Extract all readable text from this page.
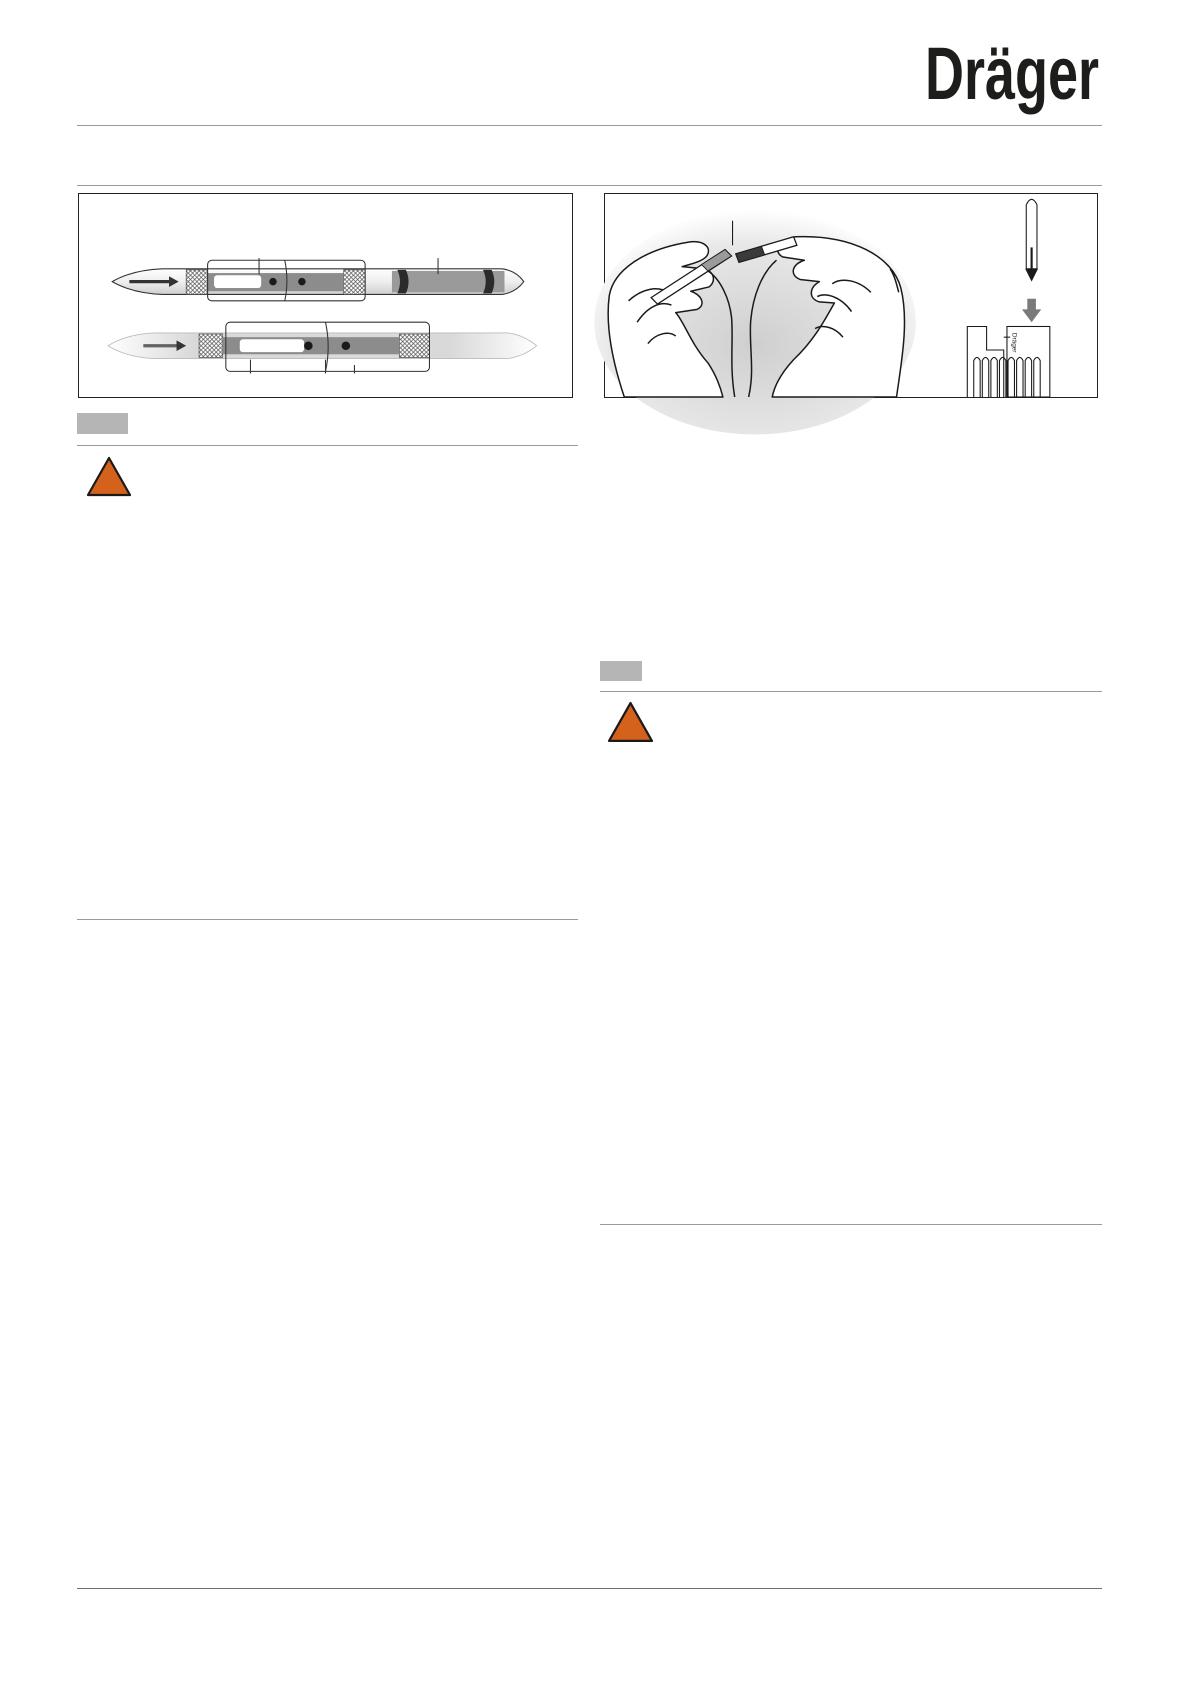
Dräger
Dräger
